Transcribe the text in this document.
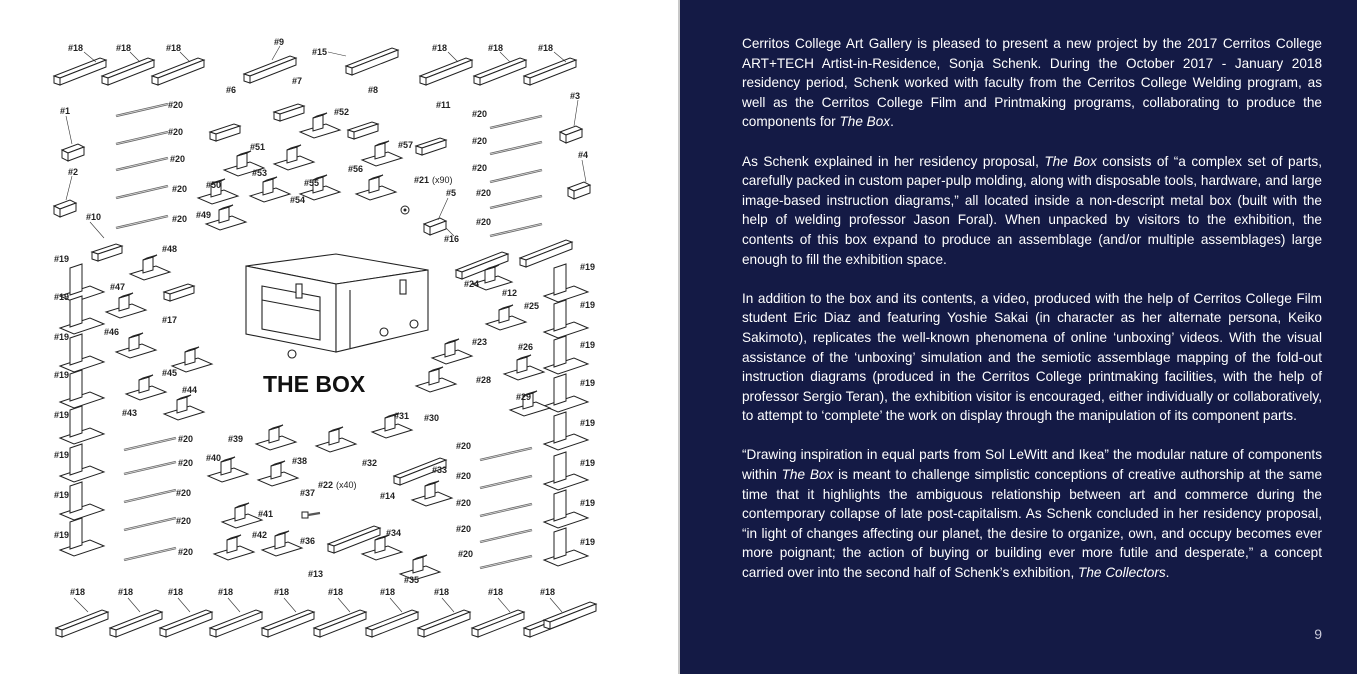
THE BOX
#18	#18	#18	#18	#18	#18
#9
#15
#7
#6	#8
#11
#52
#3
#1
#2
#4
#10
#51	#57
#56
#53
#55
#50
#54
#49
#21 (x90)
#5
#16
#48
#20
#20
#20
#20
#20
#20
#20
#20
#20
#20
#19
#19
#19
#19
#19
#19
#19
#19
#47
#17
#46
#45
#44
#43
#39
#40	#38	#32
#31 #30
#37
#22 (x40)
#33
#14
#41
#42
#36
#34
#13
#35
#20
#20
#20
#20
#20
#20
#20
#20
#20
#20
#24
#12
#25
#26
#23
#28
#29
#19
#19
#19
#19
#19
#19
#19
#19
#18	#18	#18	#18	#18	#18	#18	#18	#18	#18

Cerritos College Art Gallery is pleased to present a new project by the 2017 Cerritos College ART+TECH Artist-in-Residence, Sonja Schenk. During the October 2017 - January 2018 residency period, Schenk worked with faculty from the Cerritos College Welding program, as well as the Cerritos College Film and Printmaking programs, collaborating to produce the components for The Box.

As Schenk explained in her residency proposal, The Box consists of “a complex set of parts, carefully packed in custom paper-pulp molding, along with disposable tools, hardware, and large image-based instruction diagrams,” all located inside a non-descript metal box (built with the help of welding professor Jason Foral). When unpacked by visitors to the exhibition, the contents of this box expand to produce an assemblage (and/or multiple assemblages) large enough to fill the exhibition space.

In addition to the box and its contents, a video, produced with the help of Cerritos College Film student Eric Diaz and featuring Yoshie Sakai (in character as her alternate persona, Keiko Sakimoto), replicates the well-known phenomena of online ‘unboxing’ videos. With the visual assistance of the ‘unboxing’ simulation and the semiotic assemblage mapping of the fold-out instruction diagrams (produced in the Cerritos College printmaking facilities, with the help of professor Sergio Teran), the exhibition visitor is encouraged, either individually or collaboratively, to attempt to ‘complete’ the work on display through the manipulation of its component parts.

“Drawing inspiration in equal parts from Sol LeWitt and Ikea” the modular nature of components within The Box is meant to challenge simplistic conceptions of creative authorship at the same time that it highlights the ambiguous relationship between art and commerce during the contemporary collapse of late post-capitalism. As Schenk concluded in her residency proposal, “in light of changes affecting our planet, the desire to organize, own, and occupy becomes ever more poignant; the action of buying or building ever more futile and desperate,” a concept carried over into the second half of Schenk’s exhibition, The Collectors.

9
